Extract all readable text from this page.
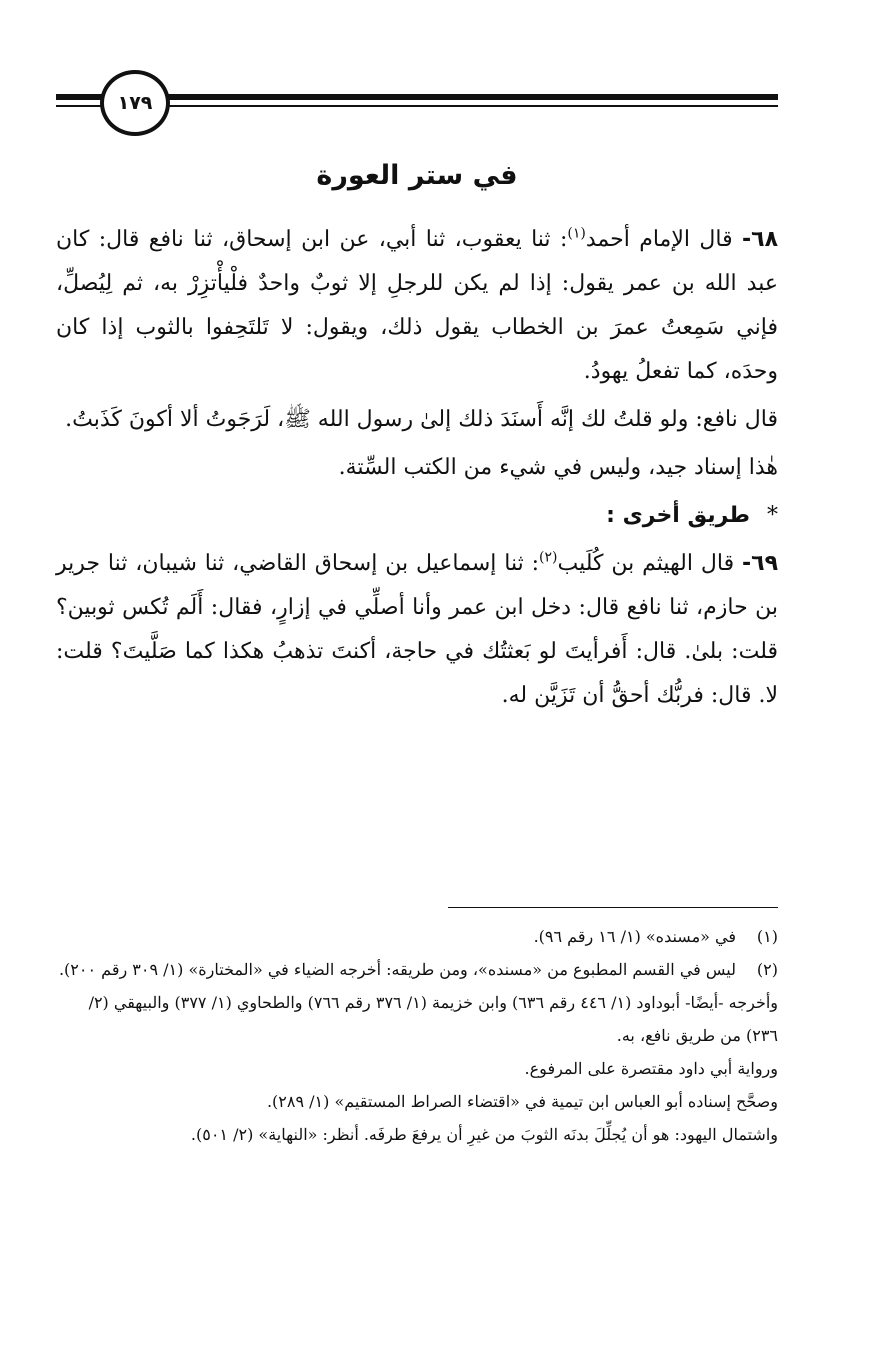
١٧٩
في ستر العورة

٦٨- قال الإمام أحمد$^{(١)}$: ثنا يعقوب، ثنا أبي، عن ابن إسحاق، ثنا نافع قال: كان عبد الله بن عمر يقول: إذا لم يكن للرجلِ إلا ثوبٌ واحدٌ فلْيأْتزِرْ به، ثم لِيُصلِّ، فإني سَمِعتُ عمرَ بن الخطاب يقول ذلك، ويقول: لا تَلتَحِفوا بالثوب إذا كان وحدَه، كما تفعلُ يهودُ.

قال نافع: ولو قلتُ لك إنَّه أَسنَدَ ذلك إلىٰ رسول الله ﷺ، لَرَجَوتُ ألا أكونَ كَذَبتُ.

هٰذا إسناد جيد، وليس في شيء من الكتب السِّتة.

* طريق أخرى :

٦٩- قال الهيثم بن كُلَيب$^{(٢)}$: ثنا إسماعيل بن إسحاق القاضي، ثنا شيبان، ثنا جرير بن حازم، ثنا نافع قال: دخل ابن عمر وأنا أصلِّي في إزارٍ، فقال: أَلَم تُكس ثوبين؟ قلت: بلىٰ. قال: أَفرأيتَ لو بَعثتُك في حاجة، أكنتَ تذهبُ هكذا كما صَلَّيتَ؟ قلت: لا. قال: فربُّك أحقُّ أن تَزَيَّن له.

(١)
في «مسنده» (١/ ١٦ رقم ٩٦).
(٢)
ليس في القسم المطبوع من «مسنده»، ومن طريقه: أخرجه الضياء في «المختارة» (١/ ٣٠٩ رقم ٢٠٠).

وأخرجه -أيضًا- أبوداود (١/ ٤٤٦ رقم ٦٣٦) وابن خزيمة (١/ ٣٧٦ رقم ٧٦٦) والطحاوي (١/ ٣٧٧) والبيهقي (٢/ ٢٣٦) من طريق نافع، به.

ورواية أبي داود مقتصرة على المرفوع.

وصحَّح إسناده أبو العباس ابن تيمية في «اقتضاء الصراط المستقيم» (١/ ٢٨٩).

واشتمال اليهود: هو أن يُجلِّلَ بدنَه الثوبَ من غيرِ أن يرفعَ طرفَه. أنظر: «النهاية» (٢/ ٥٠١).
